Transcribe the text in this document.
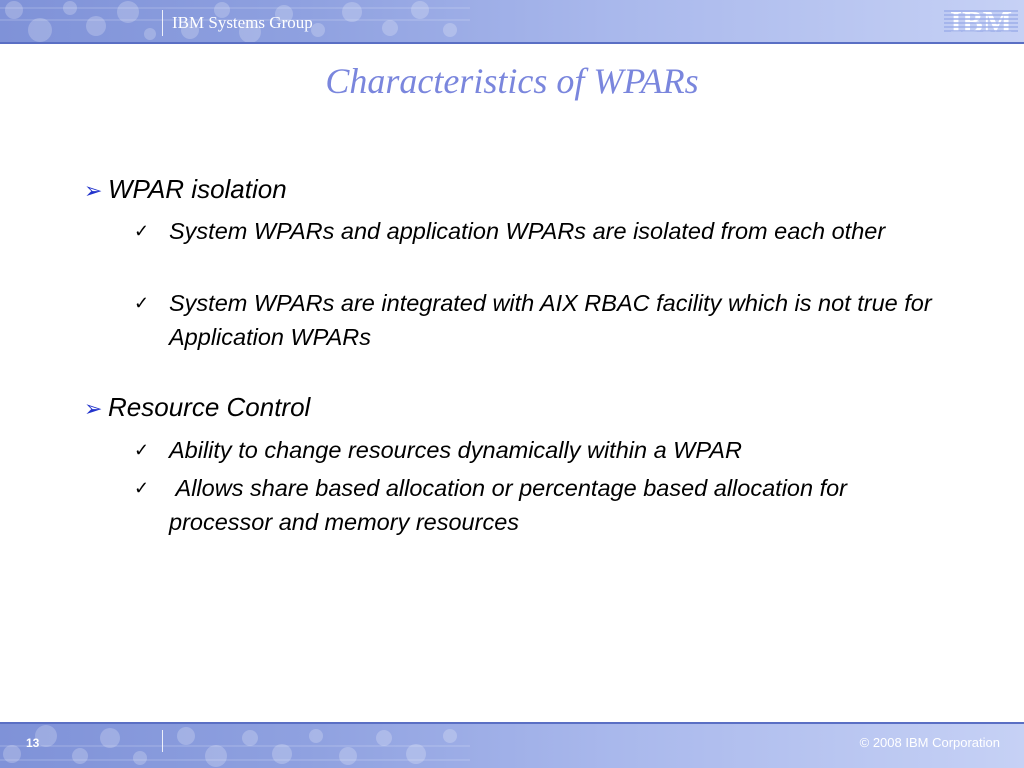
IBM Systems Group	IBM
Characteristics of WPARs
➢ WPAR isolation
✓ System WPARs and application WPARs are isolated from each other
✓ System WPARs are integrated with AIX RBAC facility which is not true for Application WPARs
➢ Resource Control
✓ Ability to change resources dynamically within a WPAR
✓ Allows share based allocation or percentage based allocation for processor and memory resources
13	© 2008 IBM Corporation
